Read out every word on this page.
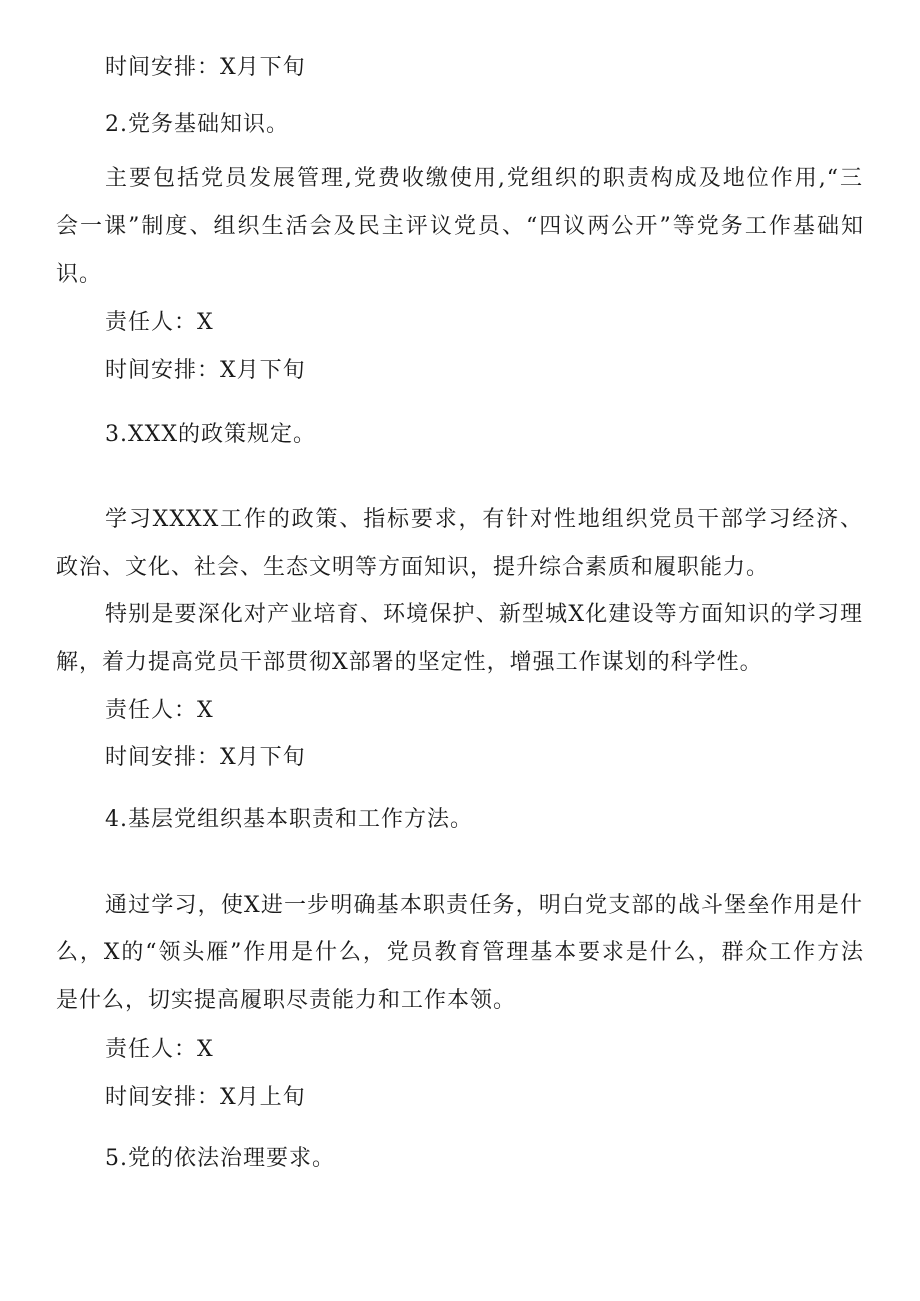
时间安排：X月下旬
2.党务基础知识。
主要包括党员发展管理,党费收缴使用,党组织的职责构成及地位作用,“三
会一课”制度、组织生活会及民主评议党员、“四议两公开”等党务工作基础知
识。
责任人：X
时间安排：X月下旬
3.XXX的政策规定。
学习XXXX工作的政策、指标要求，有针对性地组织党员干部学习经济、
政治、文化、社会、生态文明等方面知识，提升综合素质和履职能力。
特别是要深化对产业培育、环境保护、新型城X化建设等方面知识的学习理
解，着力提高党员干部贯彻X部署的坚定性，增强工作谋划的科学性。
责任人：X
时间安排：X月下旬
4.基层党组织基本职责和工作方法。
通过学习，使X进一步明确基本职责任务，明白党支部的战斗堡垒作用是什
么，X的“领头雁”作用是什么，党员教育管理基本要求是什么，群众工作方法
是什么，切实提高履职尽责能力和工作本领。
责任人：X
时间安排：X月上旬
5.党的依法治理要求。
